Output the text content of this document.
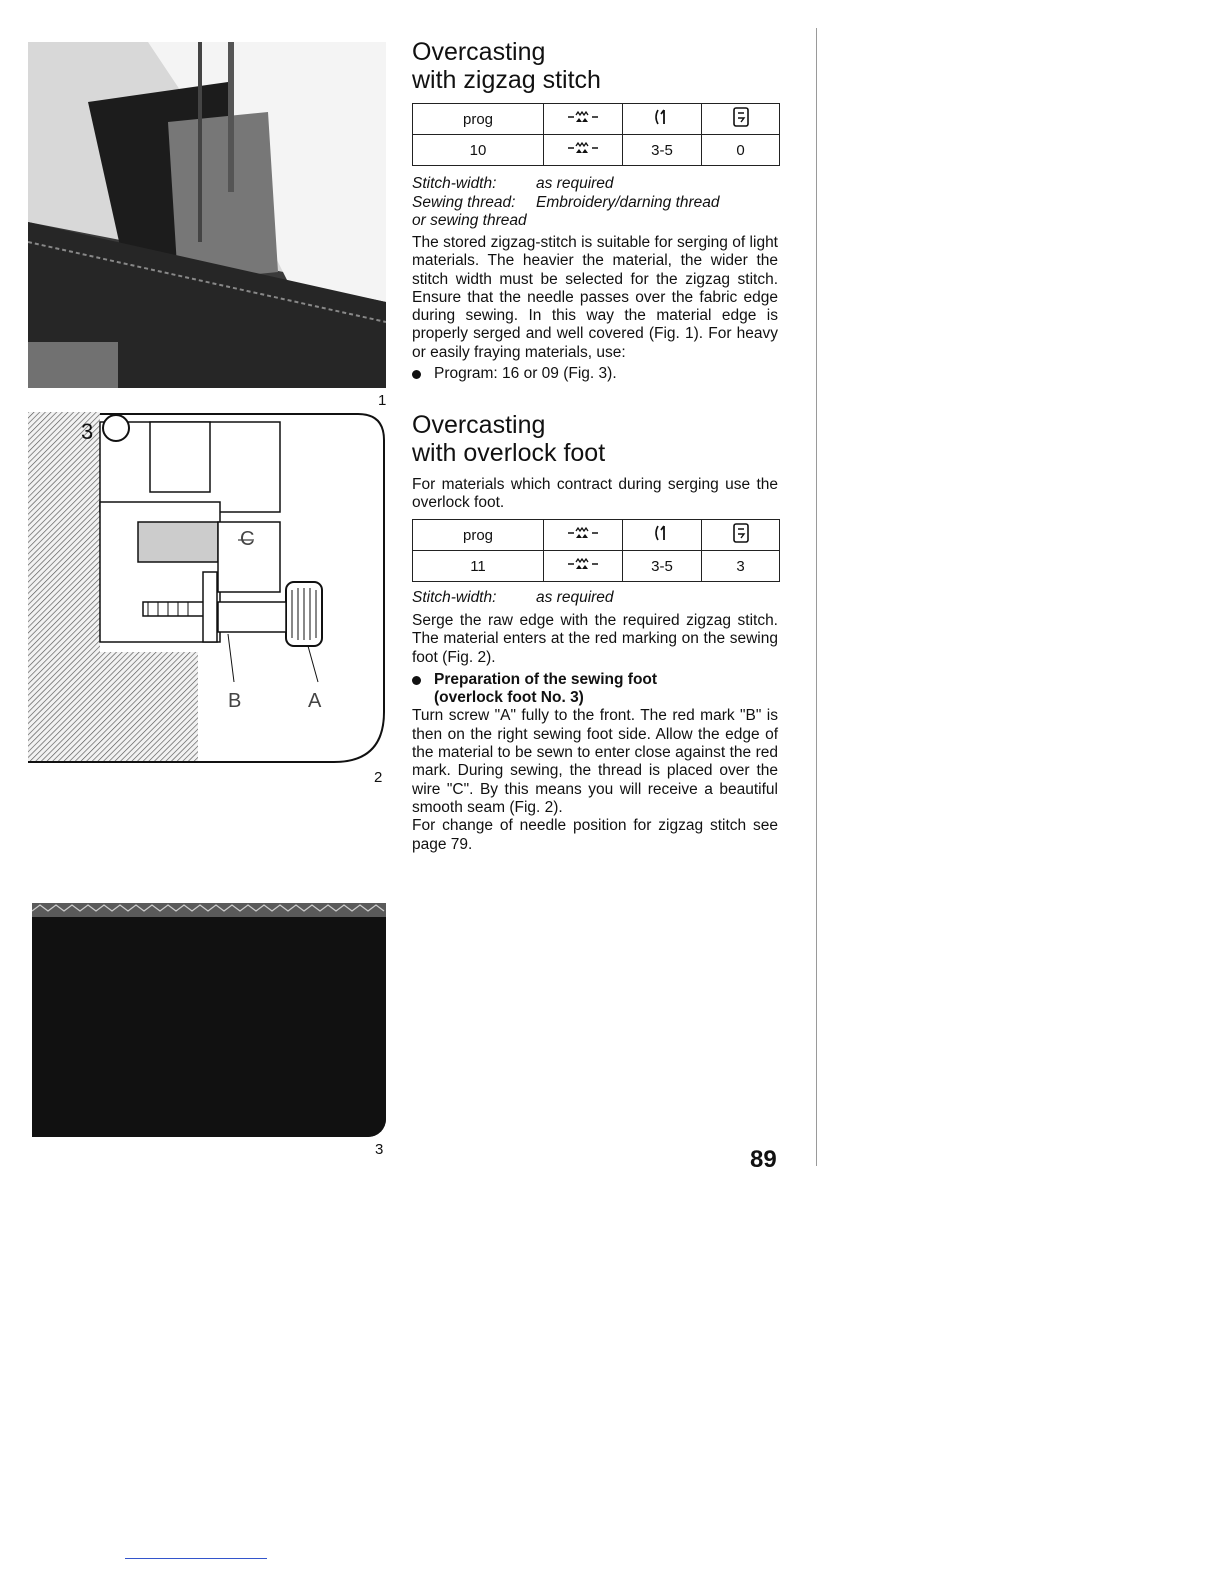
1
3
C
B	A
2
3
Overcasting
with zigzag stitch
prog			
10		3-5	0
Stitch-width:	as required
Sewing thread: Embroidery/darning thread
or sewing thread

The stored zigzag-stitch is suitable for serging of light materials. The heavier the material, the wider the stitch width must be selected for the zigzag stitch. Ensure that the needle passes over the fabric edge during sewing. In this way the material edge is properly serged and well covered (Fig. 1). For heavy or easily fraying materials, use:

Program: 16 or 09 (Fig. 3).
Overcasting
with overlock foot

For materials which contract during serging use the overlock foot.

prog			
11		3-5	3
Stitch-width:	as required

Serge the raw edge with the required zigzag stitch. The material enters at the red marking on the sewing foot (Fig. 2).

Preparation of the sewing foot
(overlock foot No. 3)

Turn screw "A" fully to the front. The red mark "B" is then on the right sewing foot side. Allow the edge of the material to be sewn to enter close against the red mark. During sewing, the thread is placed over the wire "C". By this means you will receive a beautiful smooth seam (Fig. 2).

For change of needle position for zigzag stitch see page 79.

89
